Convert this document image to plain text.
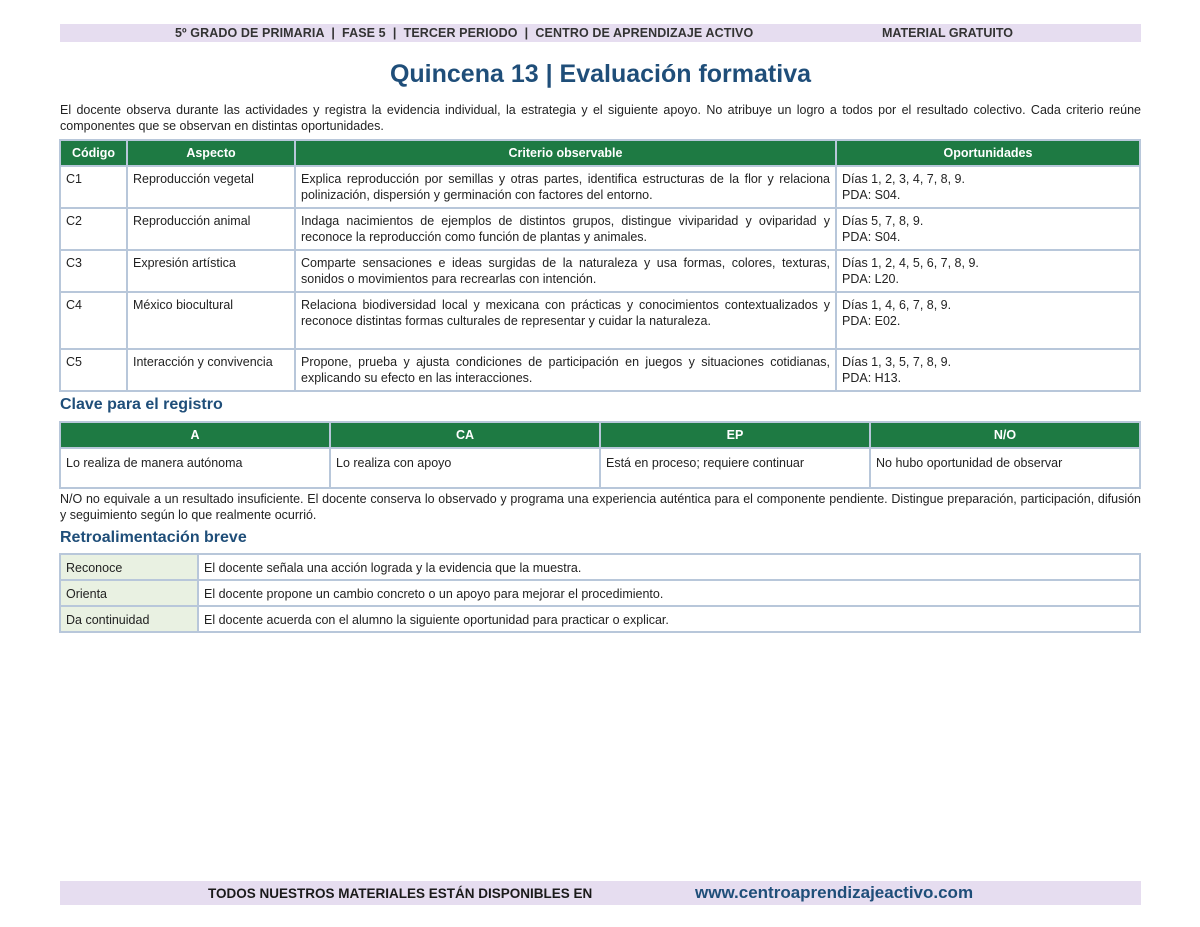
5º GRADO DE PRIMARIA  |  FASE 5  |  TERCER PERIODO  |  CENTRO DE APRENDIZAJE ACTIVO	MATERIAL GRATUITO
Quincena 13 | Evaluación formativa
El docente observa durante las actividades y registra la evidencia individual, la estrategia y el siguiente apoyo. No atribuye un logro a todos por el resultado colectivo. Cada criterio reúne componentes que se observan en distintas oportunidades.
Código	Aspecto	Criterio observable	Oportunidades
C1	Reproducción vegetal	Explica reproducción por semillas y otras partes, identifica estructuras de la flor y relaciona polinización, dispersión y germinación con factores del entorno.	Días 1, 2, 3, 4, 7, 8, 9.
PDA: S04.

C2	Reproducción animal	Indaga nacimientos de ejemplos de distintos grupos, distingue viviparidad y oviparidad y reconoce la reproducción como función de plantas y animales.	Días 5, 7, 8, 9.
PDA: S04.

C3	Expresión artística	Comparte sensaciones e ideas surgidas de la naturaleza y usa formas, colores, texturas, sonidos o movimientos para recrearlas con intención.	Días 1, 2, 4, 5, 6, 7, 8, 9.
PDA: L20.

C4	México biocultural	Relaciona biodiversidad local y mexicana con prácticas y conocimientos contextualizados y reconoce distintas formas culturales de representar y cuidar la naturaleza.	Días 1, 4, 6, 7, 8, 9.
PDA: E02.

C5	Interacción y convivencia	Propone, prueba y ajusta condiciones de participación en juegos y situaciones cotidianas, explicando su efecto en las interacciones.	Días 1, 3, 5, 7, 8, 9.
PDA: H13.
Clave para el registro
A	CA	EP	N/O
Lo realiza de manera autónoma	Lo realiza con apoyo	Está en proceso; requiere continuar	No hubo oportunidad de observar
N/O no equivale a un resultado insuficiente. El docente conserva lo observado y programa una experiencia auténtica para el componente pendiente. Distingue preparación, participación, difusión y seguimiento según lo que realmente ocurrió.
Retroalimentación breve
Reconoce	El docente señala una acción lograda y la evidencia que la muestra.
Orienta	El docente propone un cambio concreto o un apoyo para mejorar el procedimiento.
Da continuidad	El docente acuerda con el alumno la siguiente oportunidad para practicar o explicar.
TODOS NUESTROS MATERIALES ESTÁN DISPONIBLES EN	www.centroaprendizajeactivo.com
